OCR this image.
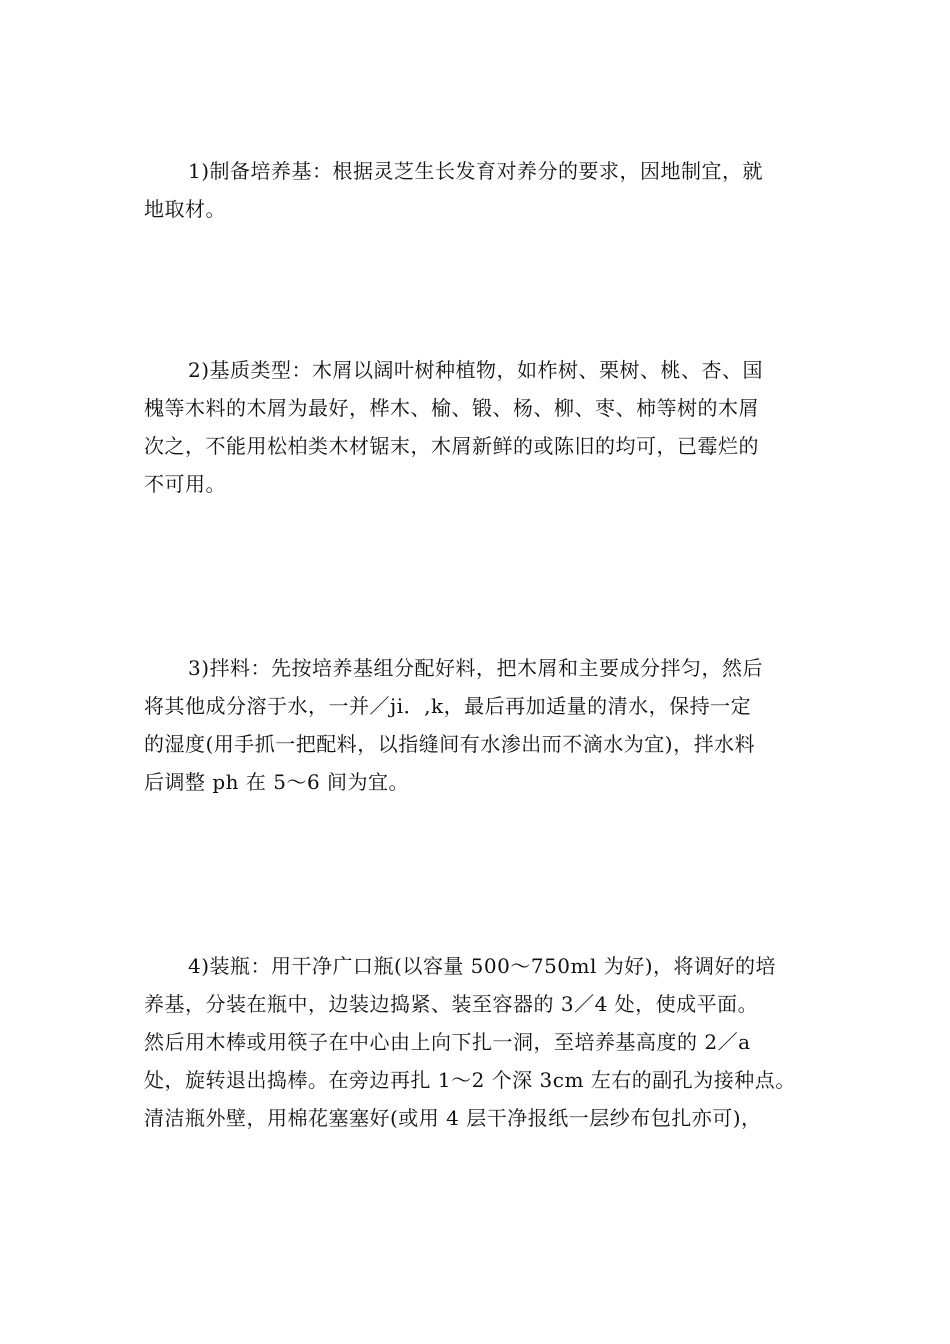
1)制备培养基：根据灵芝生长发育对养分的要求，因地制宜，就
地取材。

2)基质类型：木屑以阔叶树种植物，如柞树、栗树、桃、杏、国
槐等木料的木屑为最好，桦木、榆、锻、杨、柳、枣、柿等树的木屑
次之，不能用松柏类木材锯末，木屑新鲜的或陈旧的均可，已霉烂的
不可用。

3)拌料：先按培养基组分配好料，把木屑和主要成分拌匀，然后
将其他成分溶于水，一并／ji．,k，最后再加适量的清水，保持一定
的湿度(用手抓一把配料，以指缝间有水渗出而不滴水为宜)，拌水料
后调整 ph 在 5～6 间为宜。

4)装瓶：用干净广口瓶(以容量 500～750ml 为好)，将调好的培
养基，分装在瓶中，边装边捣紧、装至容器的 3／4 处，使成平面。
然后用木棒或用筷子在中心由上向下扎一洞，至培养基高度的 2／a
处，旋转退出捣棒。在旁边再扎 1～2 个深 3cm 左右的副孔为接种点。
清洁瓶外壁，用棉花塞塞好(或用 4 层干净报纸一层纱布包扎亦可)，
